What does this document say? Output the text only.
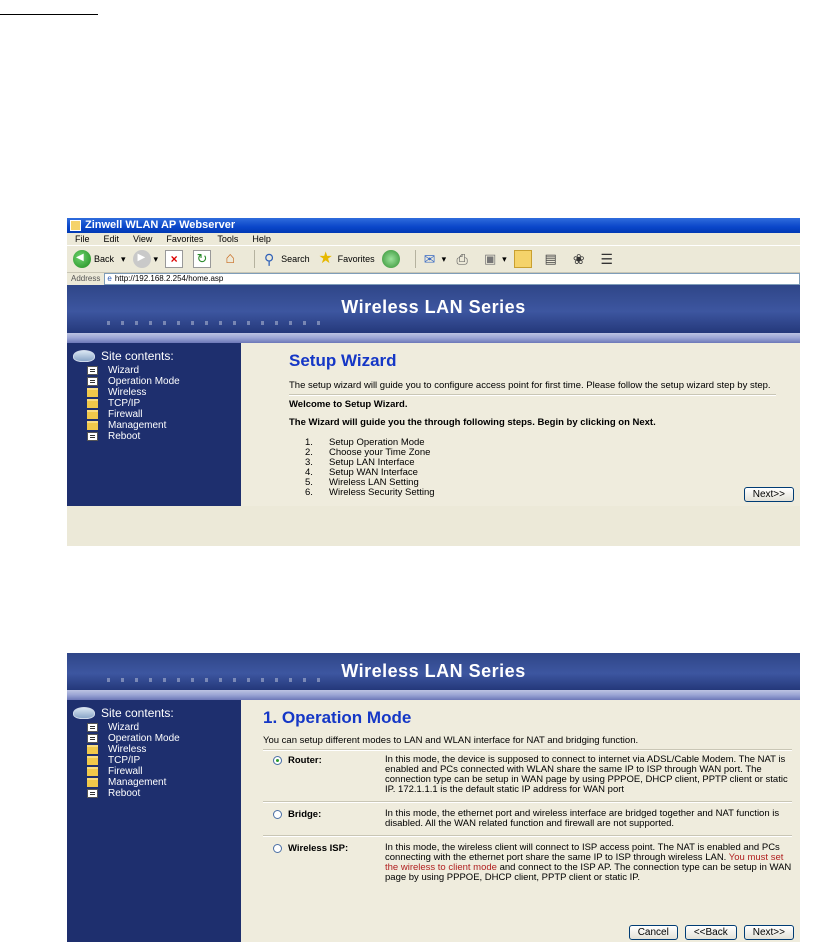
Zinwell WLAN AP Webserver
File Edit View Favorites Tools Help
◀
Back ▾
▶	▾	×	↻ ⌂ ⚲ Search ★ Favorites	✉ ▾ ⎙ ▣ ▾	▤ ❀ ☰
Address e http://192.168.2.254/home.asp
Wireless LAN Series
Site contents:
Wizard
Operation Mode
Wireless
TCP/IP
Firewall
Management
Reboot
Setup Wizard
The setup wizard will guide you to configure access point for first time. Please follow the setup wizard step by step.
Welcome to Setup Wizard.
The Wizard will guide you the through following steps. Begin by clicking on Next.
1.	Setup Operation Mode
2.	Choose your Time Zone
3.	Setup LAN Interface
4.	Setup WAN Interface
5.	Wireless LAN Setting
6.	Wireless Security Setting	Next>>
Wireless LAN Series
Site contents:
Wizard
Operation Mode
Wireless
TCP/IP
Firewall
Management
Reboot
1. Operation Mode
You can setup different modes to LAN and WLAN interface for NAT and bridging function.
Router:	In this mode, the device is supposed to connect to internet via ADSL/Cable Modem. The NAT is enabled and PCs connected with WLAN share the same IP to ISP through WAN port. The connection type can be setup in WAN page by using PPPOE, DHCP client, PPTP client or static IP. 172.1.1.1 is the default static IP address for WAN port
Bridge:	In this mode, the ethernet port and wireless interface are bridged together and NAT function is disabled. All the WAN related function and firewall are not supported.
Wireless ISP:	In this mode, the wireless client will connect to ISP access point. The NAT is enabled and PCs connecting with the ethernet port share the same IP to ISP through wireless LAN. You must set the wireless to client mode and connect to the ISP AP. The connection type can be setup in WAN page by using PPPOE, DHCP client, PPTP client or static IP.
Cancel	<<Back	Next>>
